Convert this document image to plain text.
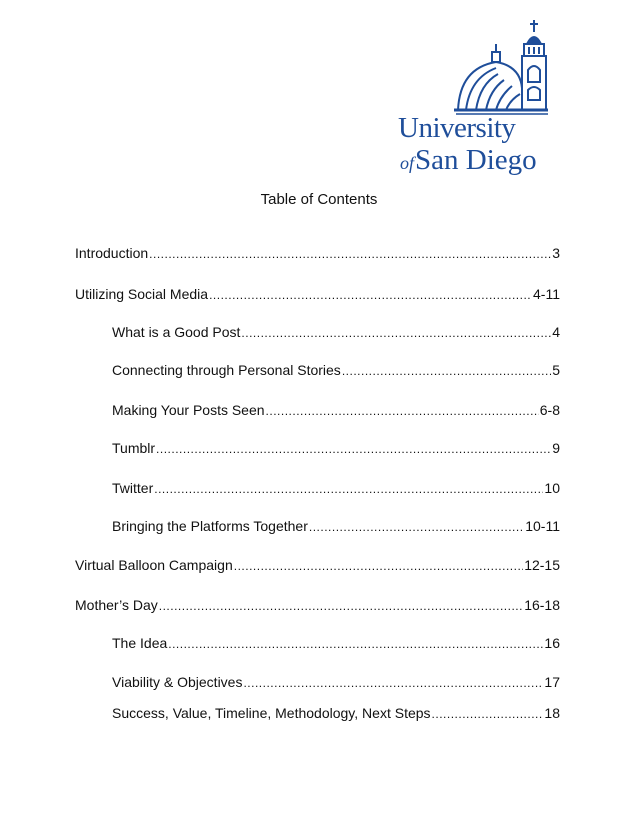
University
ofSan Diego
Table of Contents
Introduction .....	3
Utilizing Social Media .....	4-11
What is a Good Post .....	4
Connecting through Personal Stories .....	5
Making Your Posts Seen .....	6-8
Tumblr .....	9
Twitter .....	10
Bringing the Platforms Together .....	10-11
Virtual Balloon Campaign .....	12-15
Mother’s Day .....	16-18
The Idea .....	16
Viability & Objectives .....	17
Success, Value, Timeline, Methodology, Next Steps .....	18
